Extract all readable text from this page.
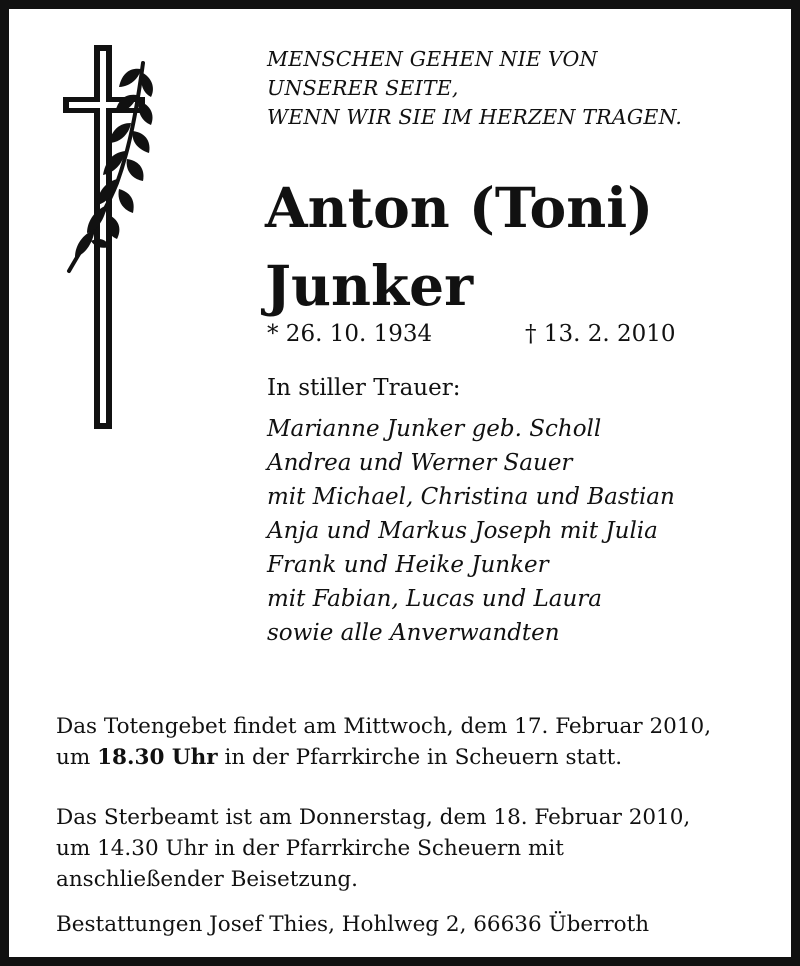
MENSCHEN GEHEN NIE VON
UNSERER SEITE,
WENN WIR SIE IM HERZEN TRAGEN.
Anton (Toni)
Junker
* 26. 10. 1934	† 13. 2. 2010
In stiller Trauer:
Marianne Junker geb. Scholl
Andrea und Werner Sauer
mit Michael, Christina und Bastian
Anja und Markus Joseph mit Julia
Frank und Heike Junker
mit Fabian, Lucas und Laura
sowie alle Anverwandten
Das Totengebet findet am Mittwoch, dem 17. Februar 2010,
um 18.30 Uhr in der Pfarrkirche in Scheuern statt.
Das Sterbeamt ist am Donnerstag, dem 18. Februar 2010,
um 14.30 Uhr in der Pfarrkirche Scheuern mit
anschließender Beisetzung.
Bestattungen Josef Thies, Hohlweg 2, 66636 Überroth
